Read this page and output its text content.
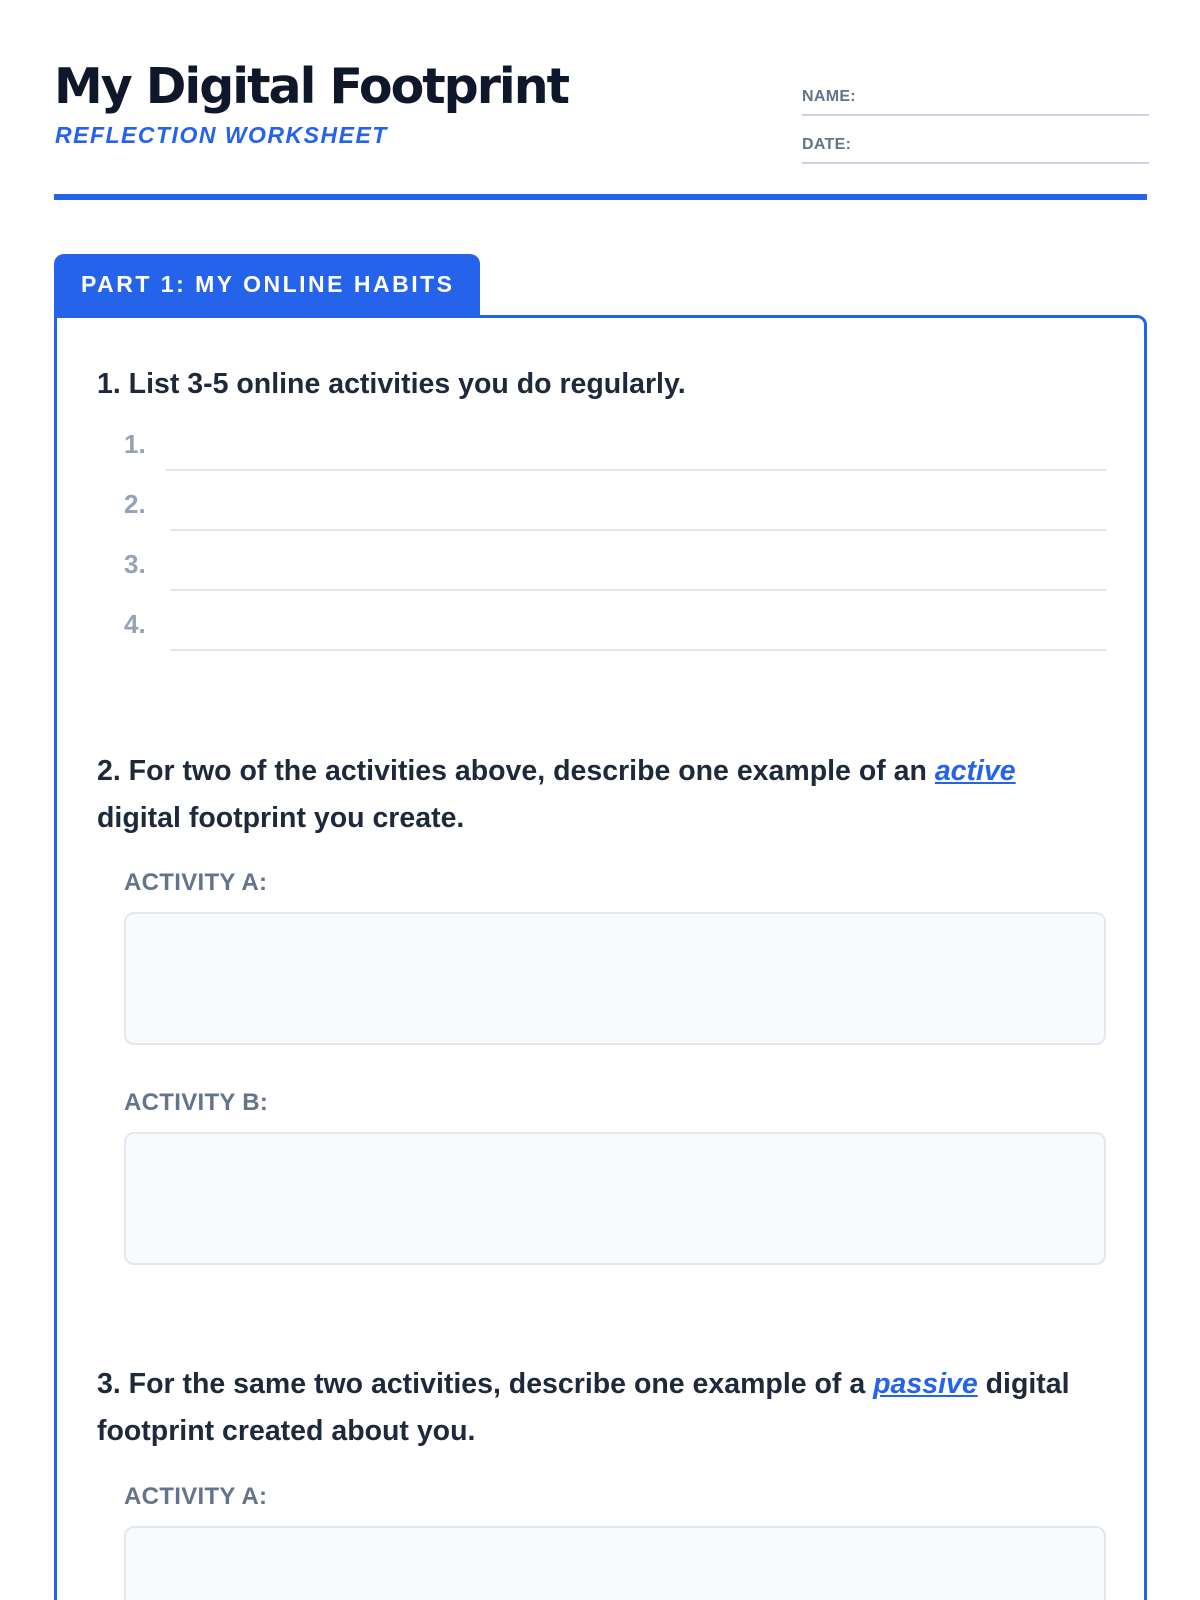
My Digital Footprint
REFLECTION WORKSHEET
NAME:
DATE:
PART 1: MY ONLINE HABITS
1. List 3-5 online activities you do regularly.
1.
2.
3.
4.
2. For two of the activities above, describe one example of an active digital footprint you create.
ACTIVITY A:
ACTIVITY B:
3. For the same two activities, describe one example of a passive digital footprint created about you.
ACTIVITY A:
